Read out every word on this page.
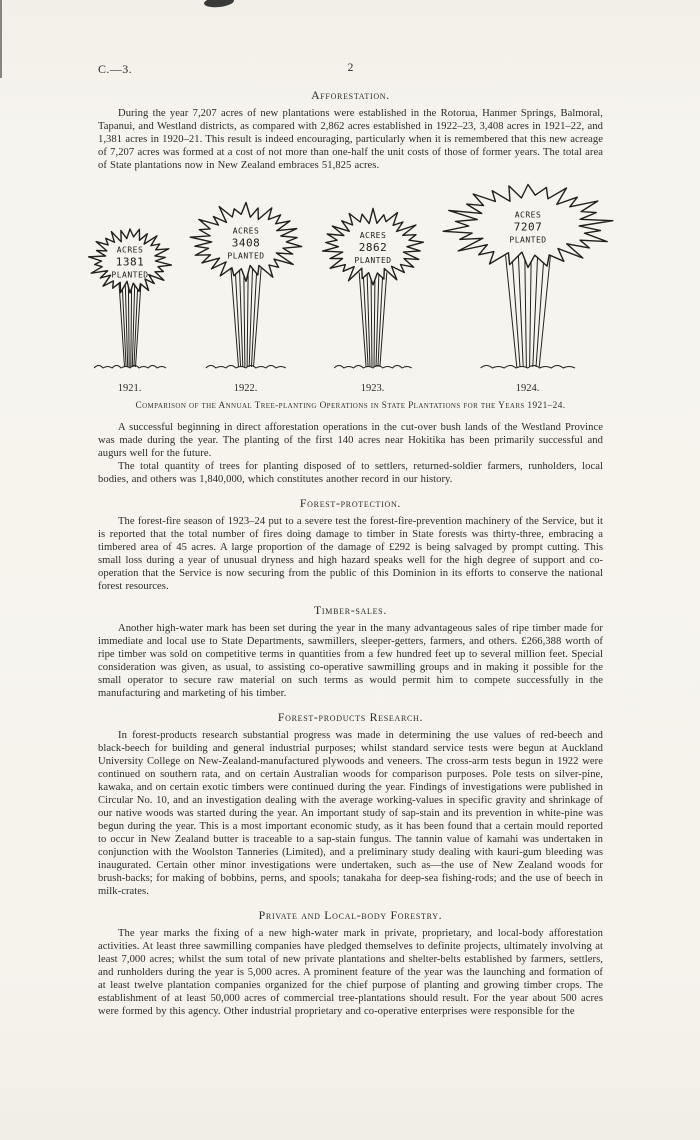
C.—3.	2
Afforestation.

During the year 7,207 acres of new plantations were established in the Rotorua, Hanmer Springs, Balmoral, Tapanui, and Westland districts, as compared with 2,862 acres established in 1922–23, 3,408 acres in 1921–22, and 1,381 acres in 1920–21. This result is indeed encouraging, particularly when it is remembered that this new acreage of 7,207 acres was formed at a cost of not more than one-half the unit costs of those of former years. The total area of State plantations now in New Zealand embraces 51,825 acres.

ACRES
1381
PLANTED
1921.
ACRES
3408
PLANTED
1922.
ACRES
2862
PLANTED
1923.
ACRES
7207
PLANTED
1924.
Comparison of the Annual Tree-planting Operations in State Plantations for the Years 1921–24.

A successful beginning in direct afforestation operations in the cut-over bush lands of the Westland Province was made during the year. The planting of the first 140 acres near Hokitika has been primarily successful and augurs well for the future.

The total quantity of trees for planting disposed of to settlers, returned-soldier farmers, runholders, local bodies, and others was 1,840,000, which constitutes another record in our history.

Forest-protection.

The forest-fire season of 1923–24 put to a severe test the forest-fire-prevention machinery of the Service, but it is reported that the total number of fires doing damage to timber in State forests was thirty-three, embracing a timbered area of 45 acres. A large proportion of the damage of £292 is being salvaged by prompt cutting. This small loss during a year of unusual dryness and high hazard speaks well for the high degree of support and co-operation that the Service is now securing from the public of this Dominion in its efforts to conserve the national forest resources.

Timber-sales.

Another high-water mark has been set during the year in the many advantageous sales of ripe timber made for immediate and local use to State Departments, sawmillers, sleeper-getters, farmers, and others. £266,388 worth of ripe timber was sold on competitive terms in quantities from a few hundred feet up to several million feet. Special consideration was given, as usual, to assisting co-operative sawmilling groups and in making it possible for the small operator to secure raw material on such terms as would permit him to compete successfully in the manufacturing and marketing of his timber.

Forest-products Research.

In forest-products research substantial progress was made in determining the use values of red-beech and black-beech for building and general industrial purposes; whilst standard service tests were begun at Auckland University College on New-Zealand-manufactured plywoods and veneers. The cross-arm tests begun in 1922 were continued on southern rata, and on certain Australian woods for comparison purposes. Pole tests on silver-pine, kawaka, and on certain exotic timbers were continued during the year. Findings of investigations were published in Circular No. 10, and an investigation dealing with the average working-values in specific gravity and shrinkage of our native woods was started during the year. An important study of sap-stain and its prevention in white-pine was begun during the year. This is a most important economic study, as it has been found that a certain mould reported to occur in New Zealand butter is traceable to a sap-stain fungus. The tannin value of kamahi was undertaken in conjunction with the Woolston Tanneries (Limited), and a preliminary study dealing with kauri-gum bleeding was inaugurated. Certain other minor investigations were undertaken, such as—the use of New Zealand woods for brush-backs; for making of bobbins, perns, and spools; tanakaha for deep-sea fishing-rods; and the use of beech in milk-crates.

Private and Local-body Forestry.

The year marks the fixing of a new high-water mark in private, proprietary, and local-body afforestation activities. At least three sawmilling companies have pledged themselves to definite projects, ultimately involving at least 7,000 acres; whilst the sum total of new private plantations and shelter-belts established by farmers, settlers, and runholders during the year is 5,000 acres. A prominent feature of the year was the launching and formation of at least twelve plantation companies organized for the chief purpose of planting and growing timber crops. The establishment of at least 50,000 acres of commercial tree-plantations should result. For the year about 500 acres were formed by this agency. Other industrial proprietary and co-operative enterprises were responsible for the
